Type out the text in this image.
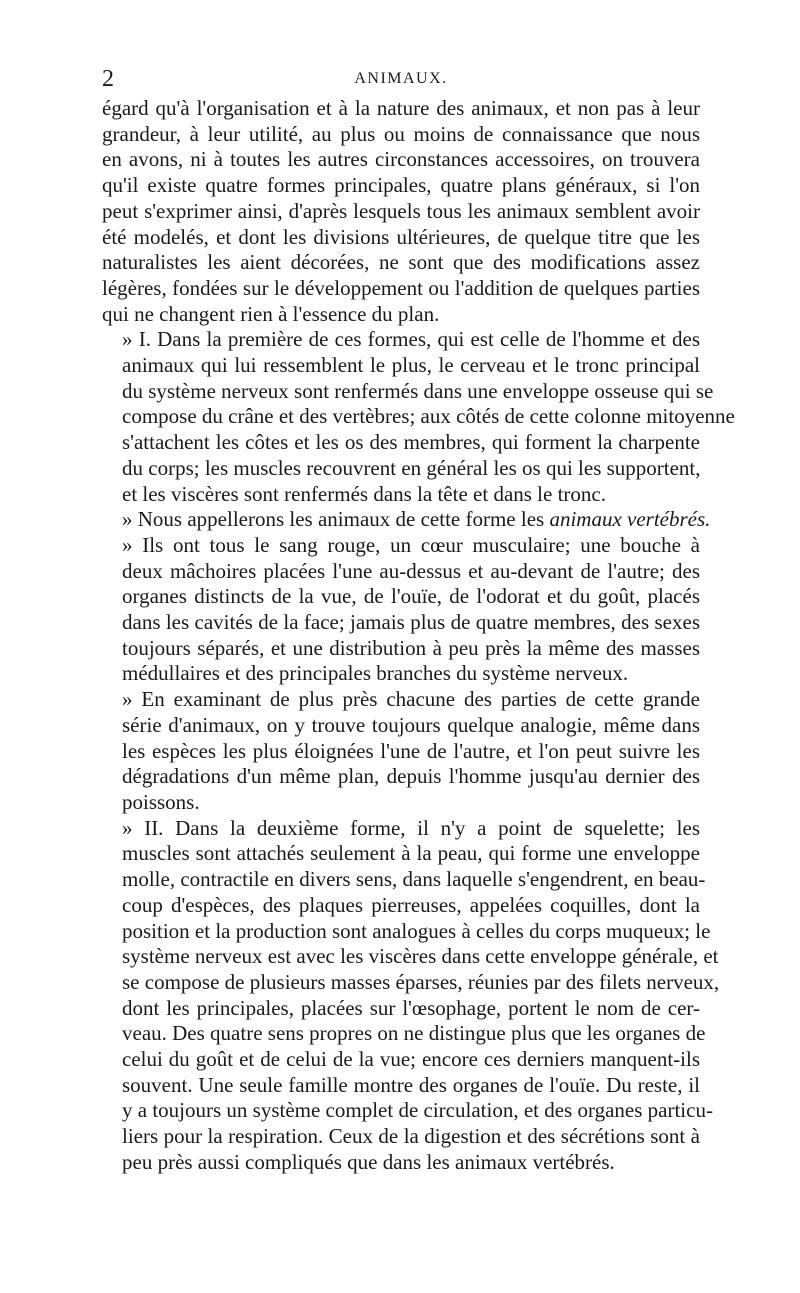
2	ANIMAUX.

égard qu'à l'organisation et à la nature des animaux, et non pas à leur
grandeur, à leur utilité, au plus ou moins de connaissance que nous
en avons, ni à toutes les autres circonstances accessoires, on trouvera
qu'il existe quatre formes principales, quatre plans généraux, si l'on
peut s'exprimer ainsi, d'après lesquels tous les animaux semblent avoir
été modelés, et dont les divisions ultérieures, de quelque titre que les
naturalistes les aient décorées, ne sont que des modifications assez
légères, fondées sur le développement ou l'addition de quelques parties
qui ne changent rien à l'essence du plan.

» I. Dans la première de ces formes, qui est celle de l'homme et des
animaux qui lui ressemblent le plus, le cerveau et le tronc principal
du système nerveux sont renfermés dans une enveloppe osseuse qui se
compose du crâne et des vertèbres; aux côtés de cette colonne mitoyenne
s'attachent les côtes et les os des membres, qui forment la charpente
du corps; les muscles recouvrent en général les os qui les supportent,
et les viscères sont renfermés dans la tête et dans le tronc.

» Nous appellerons les animaux de cette forme les animaux vertébrés.

» Ils ont tous le sang rouge, un cœur musculaire; une bouche à
deux mâchoires placées l'une au-dessus et au-devant de l'autre; des
organes distincts de la vue, de l'ouïe, de l'odorat et du goût, placés
dans les cavités de la face; jamais plus de quatre membres, des sexes
toujours séparés, et une distribution à peu près la même des masses
médullaires et des principales branches du système nerveux.

» En examinant de plus près chacune des parties de cette grande
série d'animaux, on y trouve toujours quelque analogie, même dans
les espèces les plus éloignées l'une de l'autre, et l'on peut suivre les
dégradations d'un même plan, depuis l'homme jusqu'au dernier des
poissons.

» II. Dans la deuxième forme, il n'y a point de squelette; les
muscles sont attachés seulement à la peau, qui forme une enveloppe
molle, contractile en divers sens, dans laquelle s'engendrent, en beau-
coup d'espèces, des plaques pierreuses, appelées coquilles, dont la
position et la production sont analogues à celles du corps muqueux; le
système nerveux est avec les viscères dans cette enveloppe générale, et
se compose de plusieurs masses éparses, réunies par des filets nerveux,
dont les principales, placées sur l'œsophage, portent le nom de cer-
veau. Des quatre sens propres on ne distingue plus que les organes de
celui du goût et de celui de la vue; encore ces derniers manquent-ils
souvent. Une seule famille montre des organes de l'ouïe. Du reste, il
y a toujours un système complet de circulation, et des organes particu-
liers pour la respiration. Ceux de la digestion et des sécrétions sont à
peu près aussi compliqués que dans les animaux vertébrés.
